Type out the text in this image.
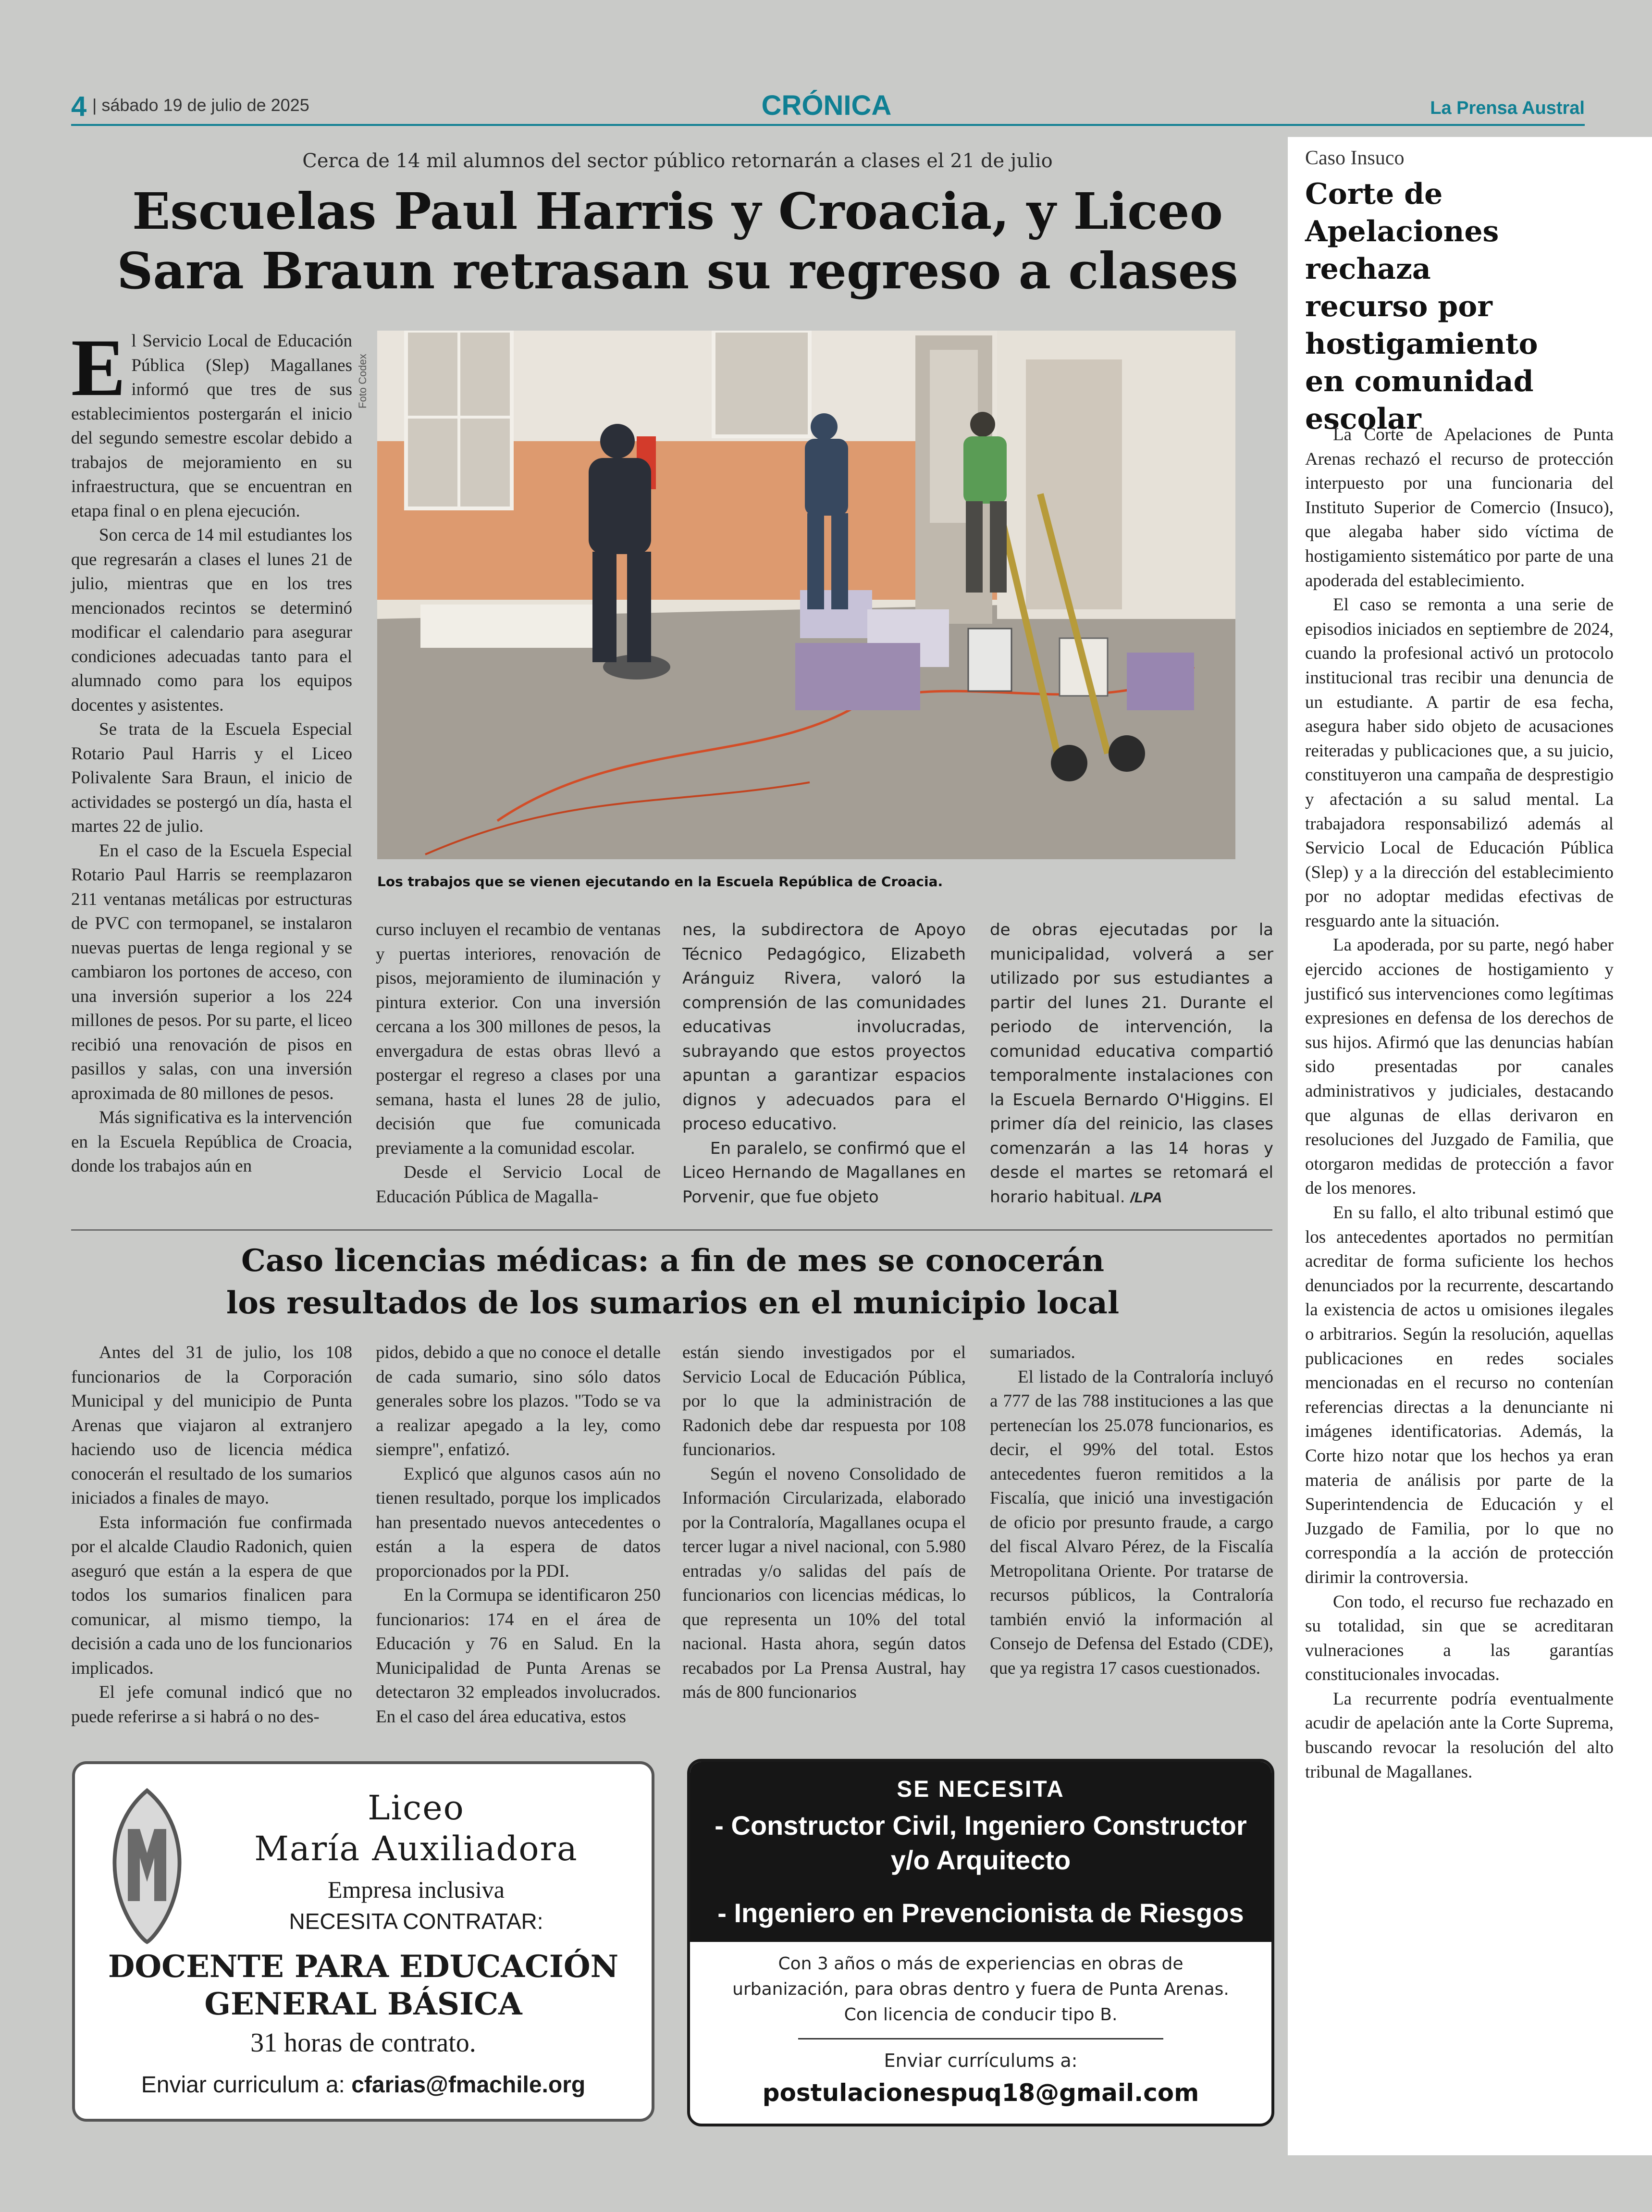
4 | sábado 19 de julio de 2025	CRÓNICA	La Prensa Austral
Cerca de 14 mil alumnos del sector público retornarán a clases el 21 de julio
Escuelas Paul Harris y Croacia, y Liceo
Sara Braun retrasan su regreso a clases
Foto Codex
Los trabajos que se vienen ejecutando en la Escuela República de Croacia.

El Servicio Local de Educación Pública (Slep) Magallanes informó que tres de sus establecimientos postergarán el inicio del segundo semestre escolar debido a trabajos de mejoramiento en su infraestructura, que se encuentran en etapa final o en plena ejecución.

Son cerca de 14 mil estudiantes los que regresarán a clases el lunes 21 de julio, mientras que en los tres mencionados recintos se determinó modificar el calendario para asegurar condiciones adecuadas tanto para el alumnado como para los equipos docentes y asistentes.

Se trata de la Escuela Especial Rotario Paul Harris y el Liceo Polivalente Sara Braun, el inicio de actividades se postergó un día, hasta el martes 22 de julio.

En el caso de la Escuela Especial Rotario Paul Harris se reemplazaron 211 ventanas metálicas por estructuras de PVC con termopanel, se instalaron nuevas puertas de lenga regional y se cambiaron los portones de acceso, con una inversión superior a los 224 millones de pesos. Por su parte, el liceo recibió una renovación de pisos en pasillos y salas, con una inversión aproximada de 80 millones de pesos.

Más significativa es la intervención en la Escuela República de Croacia, donde los trabajos aún en

curso incluyen el recambio de ventanas y puertas interiores, renovación de pisos, mejoramiento de iluminación y pintura exterior. Con una inversión cercana a los 300 millones de pesos, la envergadura de estas obras llevó a postergar el regreso a clases por una semana, hasta el lunes 28 de julio, decisión que fue comunicada previamente a la comunidad escolar.

Desde el Servicio Local de Educación Pública de Magalla-

nes, la subdirectora de Apoyo Técnico Pedagógico, Elizabeth Aránguiz Rivera, valoró la comprensión de las comunidades educativas involucradas, subrayando que estos proyectos apuntan a garantizar espacios dignos y adecuados para el proceso educativo.

En paralelo, se confirmó que el Liceo Hernando de Magallanes en Porvenir, que fue objeto

de obras ejecutadas por la municipalidad, volverá a ser utilizado por sus estudiantes a partir del lunes 21. Durante el periodo de intervención, la comunidad educativa compartió temporalmente instalaciones con la Escuela Bernardo O'Higgins. El primer día del reinicio, las clases comenzarán a las 14 horas y desde el martes se retomará el horario habitual. /LPA

Caso licencias médicas: a fin de mes se conocerán
los resultados de los sumarios en el municipio local

Antes del 31 de julio, los 108 funcionarios de la Corporación Municipal y del municipio de Punta Arenas que viajaron al extranjero haciendo uso de licencia médica conocerán el resultado de los sumarios iniciados a finales de mayo.

Esta información fue confirmada por el alcalde Claudio Radonich, quien aseguró que están a la espera de que todos los sumarios finalicen para comunicar, al mismo tiempo, la decisión a cada uno de los funcionarios implicados.

El jefe comunal indicó que no puede referirse a si habrá o no des-

pidos, debido a que no conoce el detalle de cada sumario, sino sólo datos generales sobre los plazos. "Todo se va a realizar apegado a la ley, como siempre", enfatizó.

Explicó que algunos casos aún no tienen resultado, porque los implicados han presentado nuevos antecedentes o están a la espera de datos proporcionados por la PDI.

En la Cormupa se identificaron 250 funcionarios: 174 en el área de Educación y 76 en Salud. En la Municipalidad de Punta Arenas se detectaron 32 empleados involucrados. En el caso del área educativa, estos

están siendo investigados por el Servicio Local de Educación Pública, por lo que la administración de Radonich debe dar respuesta por 108 funcionarios.

Según el noveno Consolidado de Información Circularizada, elaborado por la Contraloría, Magallanes ocupa el tercer lugar a nivel nacional, con 5.980 entradas y/o salidas del país de funcionarios con licencias médicas, lo que representa un 10% del total nacional. Hasta ahora, según datos recabados por La Prensa Austral, hay más de 800 funcionarios

sumariados.

El listado de la Contraloría incluyó a 777 de las 788 instituciones a las que pertenecían los 25.078 funcionarios, es decir, el 99% del total. Estos antecedentes fueron remitidos a la Fiscalía, que inició una investigación de oficio por presunto fraude, a cargo del fiscal Alvaro Pérez, de la Fiscalía Metropolitana Oriente. Por tratarse de recursos públicos, la Contraloría también envió la información al Consejo de Defensa del Estado (CDE), que ya registra 17 casos cuestionados.

Liceo
María Auxiliadora
Empresa inclusiva
NECESITA CONTRATAR:
DOCENTE PARA EDUCACIÓN
GENERAL BÁSICA
31 horas de contrato.
Enviar curriculum a: cfarias@fmachile.org
SE NECESITA
- Constructor Civil, Ingeniero Constructor
y/o Arquitecto
- Ingeniero en Prevencionista de Riesgos
Con 3 años o más de experiencias en obras de
urbanización, para obras dentro y fuera de Punta Arenas.
Con licencia de conducir tipo B.
Enviar currículums a:
postulacionespuq18@gmail.com
Caso Insuco
Corte de Apelaciones rechaza recurso por hostigamiento en comunidad escolar

La Corte de Apelaciones de Punta Arenas rechazó el recurso de protección interpuesto por una funcionaria del Instituto Superior de Comercio (Insuco), que alegaba haber sido víctima de hostigamiento sistemático por parte de una apoderada del establecimiento.

El caso se remonta a una serie de episodios iniciados en septiembre de 2024, cuando la profesional activó un protocolo institucional tras recibir una denuncia de un estudiante. A partir de esa fecha, asegura haber sido objeto de acusaciones reiteradas y publicaciones que, a su juicio, constituyeron una campaña de desprestigio y afectación a su salud mental. La trabajadora responsabilizó además al Servicio Local de Educación Pública (Slep) y a la dirección del establecimiento por no adoptar medidas efectivas de resguardo ante la situación.

La apoderada, por su parte, negó haber ejercido acciones de hostigamiento y justificó sus intervenciones como legítimas expresiones en defensa de los derechos de sus hijos. Afirmó que las denuncias habían sido presentadas por canales administrativos y judiciales, destacando que algunas de ellas derivaron en resoluciones del Juzgado de Familia, que otorgaron medidas de protección a favor de los menores.

En su fallo, el alto tribunal estimó que los antecedentes aportados no permitían acreditar de forma suficiente los hechos denunciados por la recurrente, descartando la existencia de actos u omisiones ilegales o arbitrarios. Según la resolución, aquellas publicaciones en redes sociales mencionadas en el recurso no contenían referencias directas a la denunciante ni imágenes identificatorias. Además, la Corte hizo notar que los hechos ya eran materia de análisis por parte de la Superintendencia de Educación y el Juzgado de Familia, por lo que no correspondía a la acción de protección dirimir la controversia.

Con todo, el recurso fue rechazado en su totalidad, sin que se acreditaran vulneraciones a las garantías constitucionales invocadas.

La recurrente podría eventualmente acudir de apelación ante la Corte Suprema, buscando revocar la resolución del alto tribunal de Magallanes.
